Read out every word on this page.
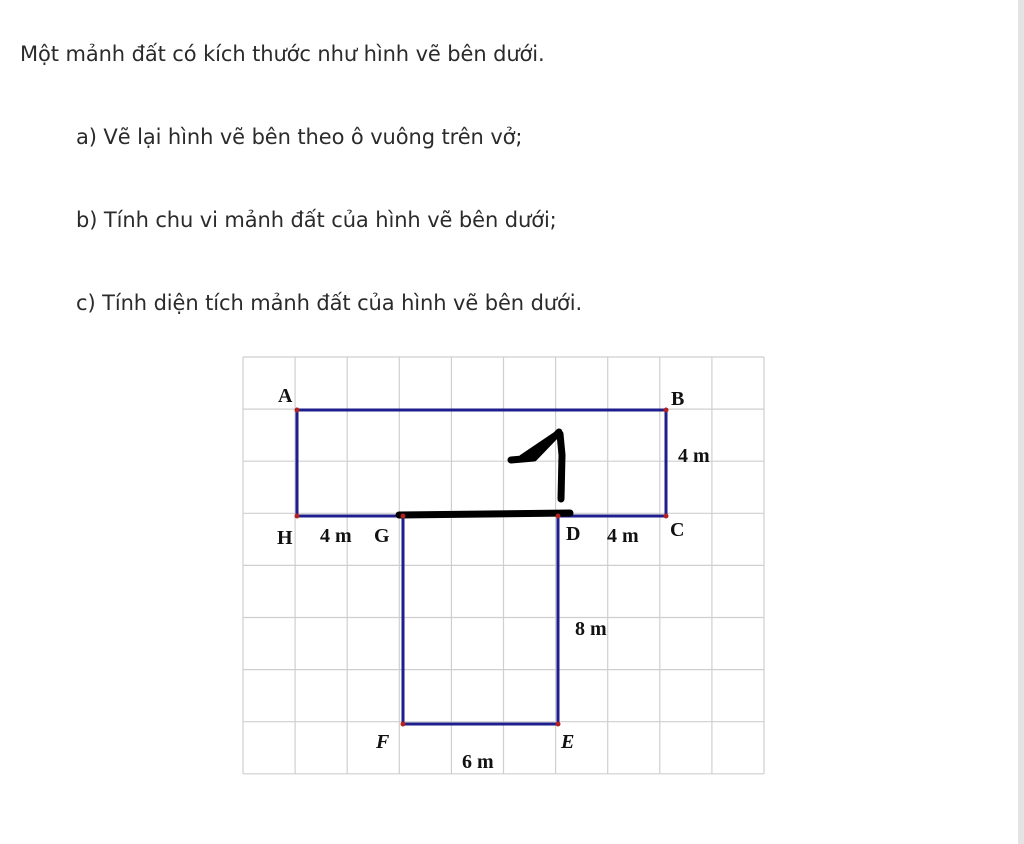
Một mảnh đất có kích thước như hình vẽ bên dưới.
a) Vẽ lại hình vẽ bên theo ô vuông trên vở;
b) Tính chu vi mảnh đất của hình vẽ bên dưới;
c) Tính diện tích mảnh đất của hình vẽ bên dưới.
A	B
C
H	G	D
F	E
4 m
4 m	4 m
8 m
6 m
